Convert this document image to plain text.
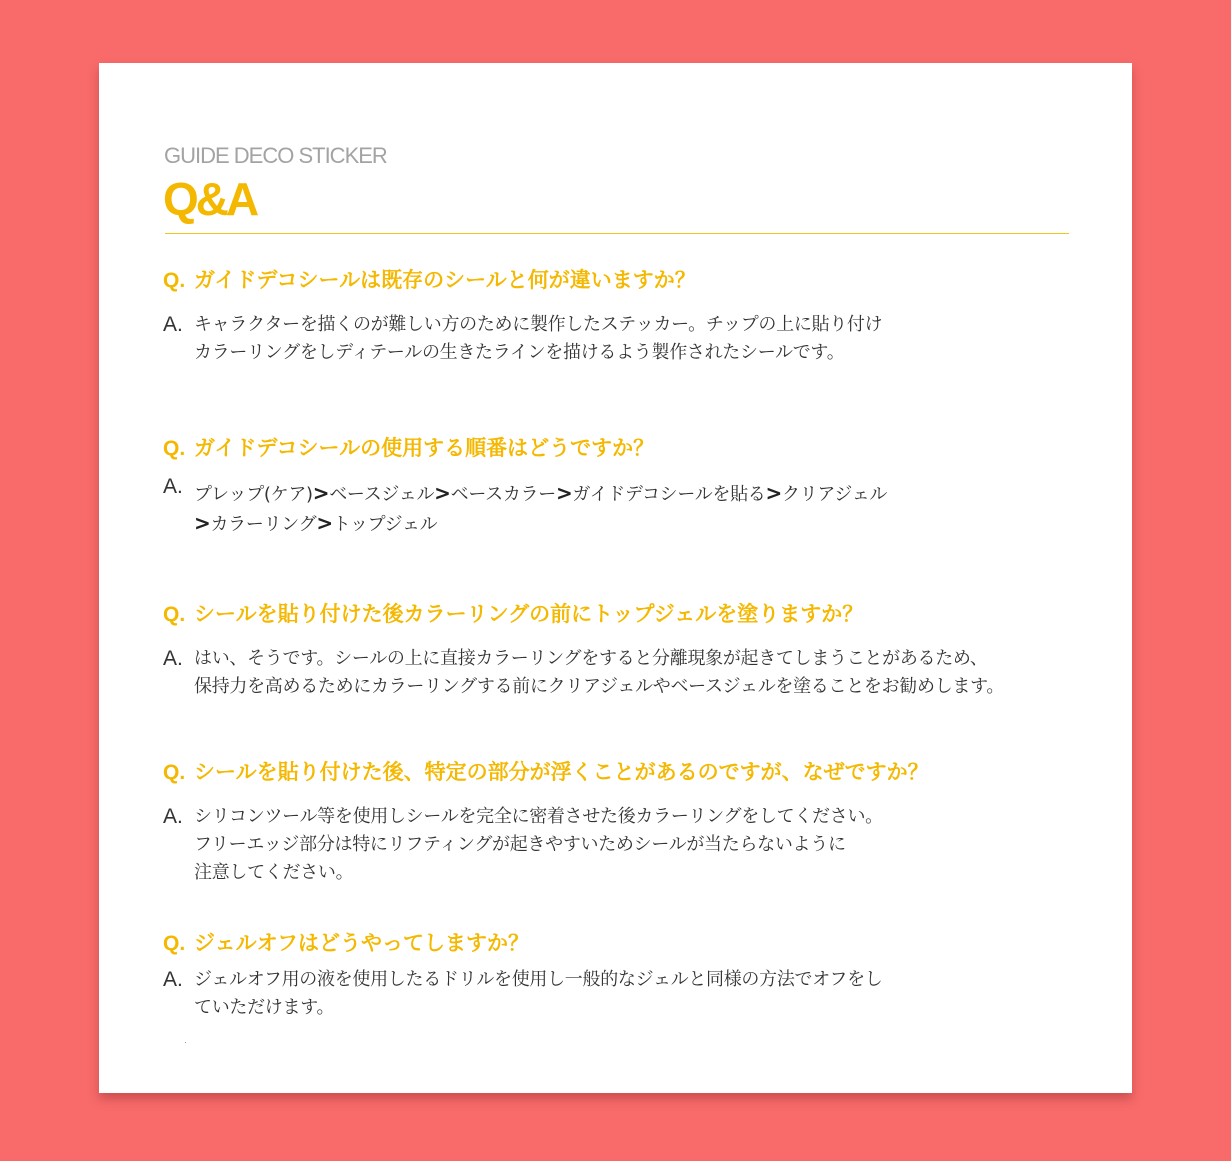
GUIDE DECO STICKER
Q&A
Q. ガイドデコシールは既存のシールと何が違いますか？
A. キャラクターを描くのが難しい方のために製作したステッカー。チップの上に貼り付け
カラーリングをしディテールの生きたラインを描けるよう製作されたシールです。
Q. ガイドデコシールの使用する順番はどうですか？
A. プレップ(ケア)>ベースジェル>ベースカラー>ガイドデコシールを貼る>クリアジェル
>カラーリング>トップジェル
Q. シールを貼り付けた後カラーリングの前にトップジェルを塗りますか？
A. はい、そうです。シールの上に直接カラーリングをすると分離現象が起きてしまうことがあるため、
保持力を高めるためにカラーリングする前にクリアジェルやベースジェルを塗ることをお勧めします。
Q. シールを貼り付けた後、特定の部分が浮くことがあるのですが、なぜですか？
A. シリコンツール等を使用しシールを完全に密着させた後カラーリングをしてください。
フリーエッジ部分は特にリフティングが起きやすいためシールが当たらないように
注意してください。
Q. ジェルオフはどうやってしますか？
A. ジェルオフ用の液を使用したるドリルを使用し一般的なジェルと同様の方法でオフをし
ていただけます。
